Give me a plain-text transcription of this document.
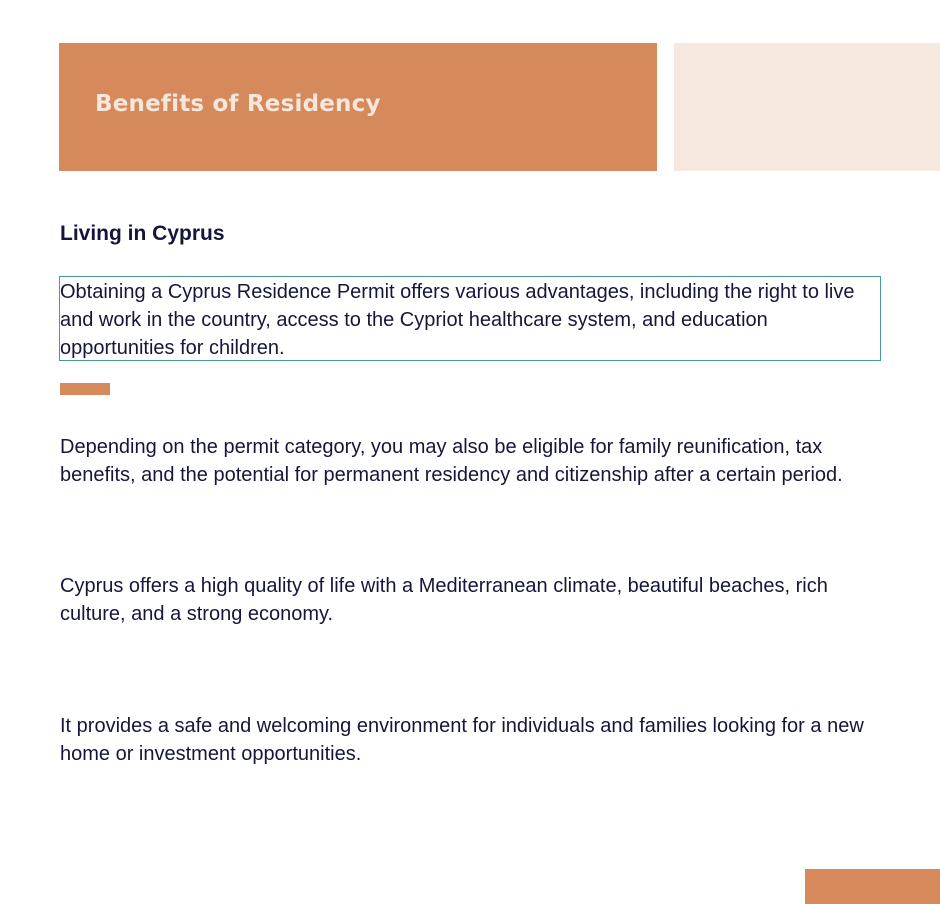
Benefits of Residency
Living in Cyprus

Obtaining a Cyprus Residence Permit offers various advantages, including the right to live and work in the country, access to the Cypriot healthcare system, and education opportunities for children.

Depending on the permit category, you may also be eligible for family reunification, tax benefits, and the potential for permanent residency and citizenship after a certain period.

Cyprus offers a high quality of life with a Mediterranean climate, beautiful beaches, rich culture, and a strong economy.

It provides a safe and welcoming environment for individuals and families looking for a new home or investment opportunities.
